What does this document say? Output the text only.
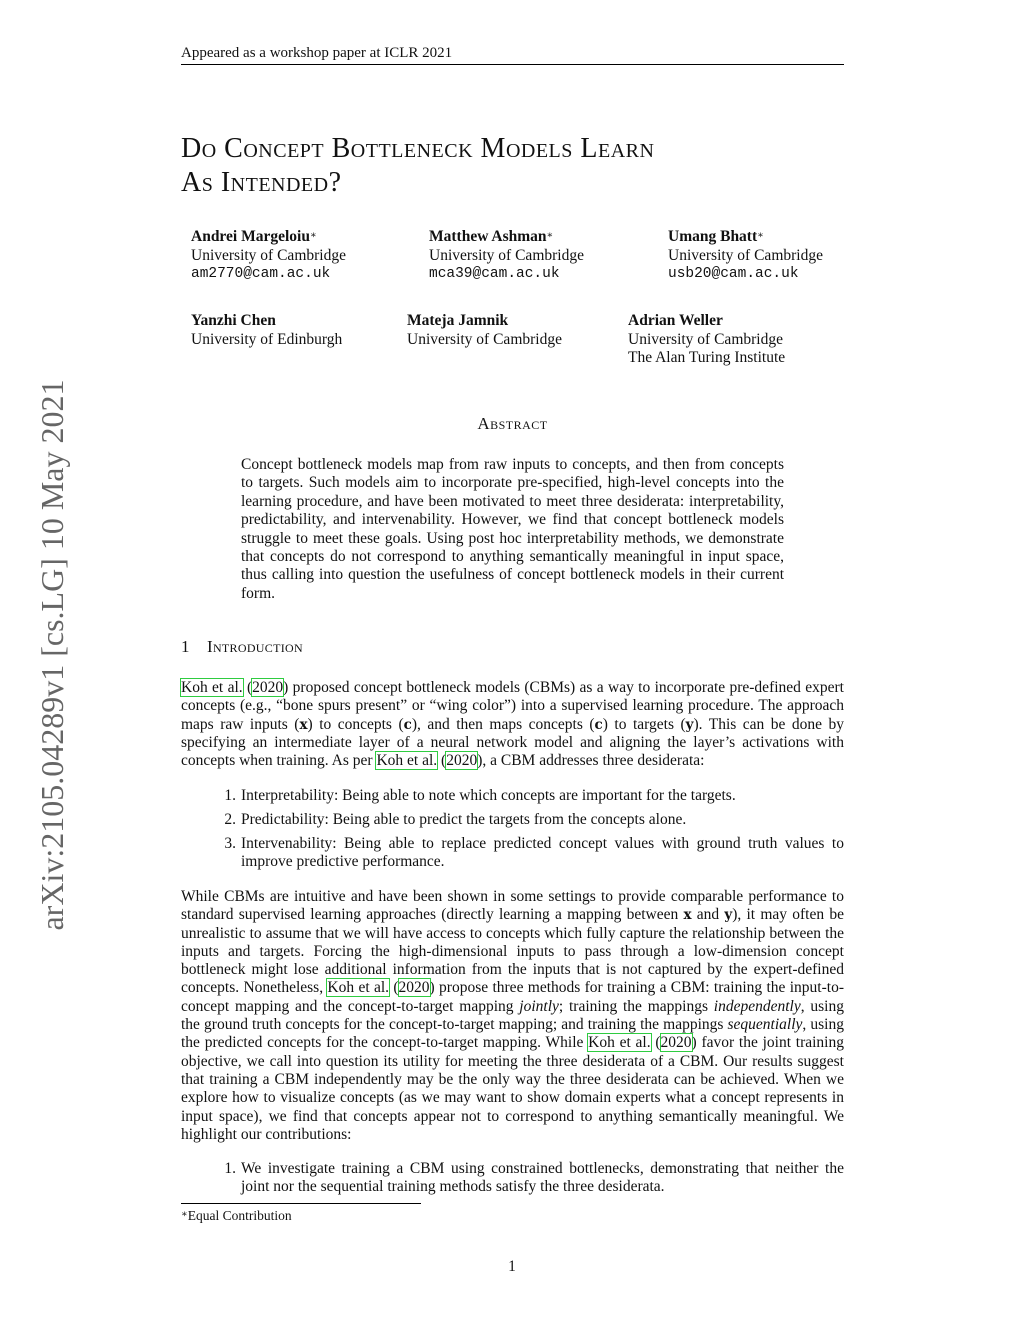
Appeared as a workshop paper at ICLR 2021
Do Concept Bottleneck Models Learn
As Intended?
Andrei Margeloiu∗
University of Cambridge
am2770@cam.ac.uk
Matthew Ashman∗
University of Cambridge
mca39@cam.ac.uk
Umang Bhatt∗
University of Cambridge
usb20@cam.ac.uk
Yanzhi Chen
University of Edinburgh
Mateja Jamnik
University of Cambridge
Adrian Weller
University of Cambridge
The Alan Turing Institute
Abstract
Concept bottleneck models map from raw inputs to concepts, and then from concepts to targets. Such models aim to incorporate pre-specified, high-level concepts into the learning procedure, and have been motivated to meet three desiderata: interpretability, predictability, and intervenability. However, we find that concept bottleneck models struggle to meet these goals. Using post hoc interpretability methods, we demonstrate that concepts do not correspond to anything semantically meaningful in input space, thus calling into question the usefulness of concept bottleneck models in their current form.
1 Introduction
Koh et al. (2020) proposed concept bottleneck models (CBMs) as a way to incorporate pre-defined expert concepts (e.g., “bone spurs present” or “wing color”) into a supervised learning procedure. The approach maps raw inputs (x) to concepts (c), and then maps concepts (c) to targets (y). This can be done by specifying an intermediate layer of a neural network model and aligning the layer’s activations with concepts when training. As per Koh et al. (2020), a CBM addresses three desiderata:
1. Interpretability: Being able to note which concepts are important for the targets.
2. Predictability: Being able to predict the targets from the concepts alone.
3. Intervenability: Being able to replace predicted concept values with ground truth values to improve predictive performance.
While CBMs are intuitive and have been shown in some settings to provide comparable performance to standard supervised learning approaches (directly learning a mapping between x and y), it may often be unrealistic to assume that we will have access to concepts which fully capture the relationship between the inputs and targets. Forcing the high-dimensional inputs to pass through a low-dimension concept bottleneck might lose additional information from the inputs that is not captured by the expert-defined concepts. Nonetheless, Koh et al. (2020) propose three methods for training a CBM: training the input-to-concept mapping and the concept-to-target mapping jointly; training the mappings independently, using the ground truth concepts for the concept-to-target mapping; and training the mappings sequentially, using the predicted concepts for the concept-to-target mapping. While Koh et al. (2020) favor the joint training objective, we call into question its utility for meeting the three desiderata of a CBM. Our results suggest that training a CBM independently may be the only way the three desiderata can be achieved. When we explore how to visualize concepts (as we may want to show domain experts what a concept represents in input space), we find that concepts appear not to correspond to anything semantically meaningful. We highlight our contributions:
1. We investigate training a CBM using constrained bottlenecks, demonstrating that neither the joint nor the sequential training methods satisfy the three desiderata.
∗Equal Contribution
1
arXiv:2105.04289v1 [cs.LG] 10 May 2021
